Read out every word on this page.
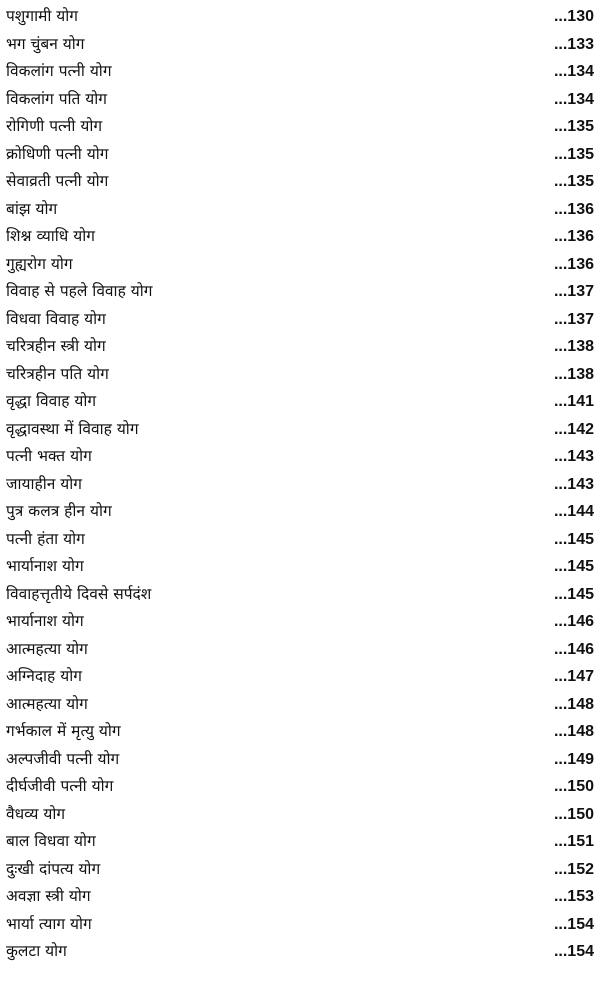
पशुगामी योग	...130
भग चुंबन योग	...133
विकलांग पत्नी योग	...134
विकलांग पति योग	...134
रोगिणी पत्नी योग	...135
क्रोधिणी पत्नी योग	...135
सेवाव्रती पत्नी योग	...135
बांझ योग	...136
शिश्न व्याधि योग	...136
गुह्यरोग योग	...136
विवाह से पहले विवाह योग	...137
विधवा विवाह योग	...137
चरित्रहीन स्त्री योग	...138
चरित्रहीन पति योग	...138
वृद्धा विवाह योग	...141
वृद्धावस्था में विवाह योग	...142
पत्नी भक्त योग	...143
जायाहीन योग	...143
पुत्र कलत्र हीन योग	...144
पत्नी हंता योग	...145
भार्यानाश योग	...145
विवाहत्तृतीये दिवसे सर्पदंश	...145
भार्यानाश योग	...146
आत्महत्या योग	...146
अग्निदाह योग	...147
आत्महत्या योग	...148
गर्भकाल में मृत्यु योग	...148
अल्पजीवी पत्नी योग	...149
दीर्घजीवी पत्नी योग	...150
वैधव्य योग	...150
बाल विधवा योग	...151
दुःखी दांपत्य योग	...152
अवज्ञा स्त्री योग	...153
भार्या त्याग योग	...154
कुलटा योग	...154
